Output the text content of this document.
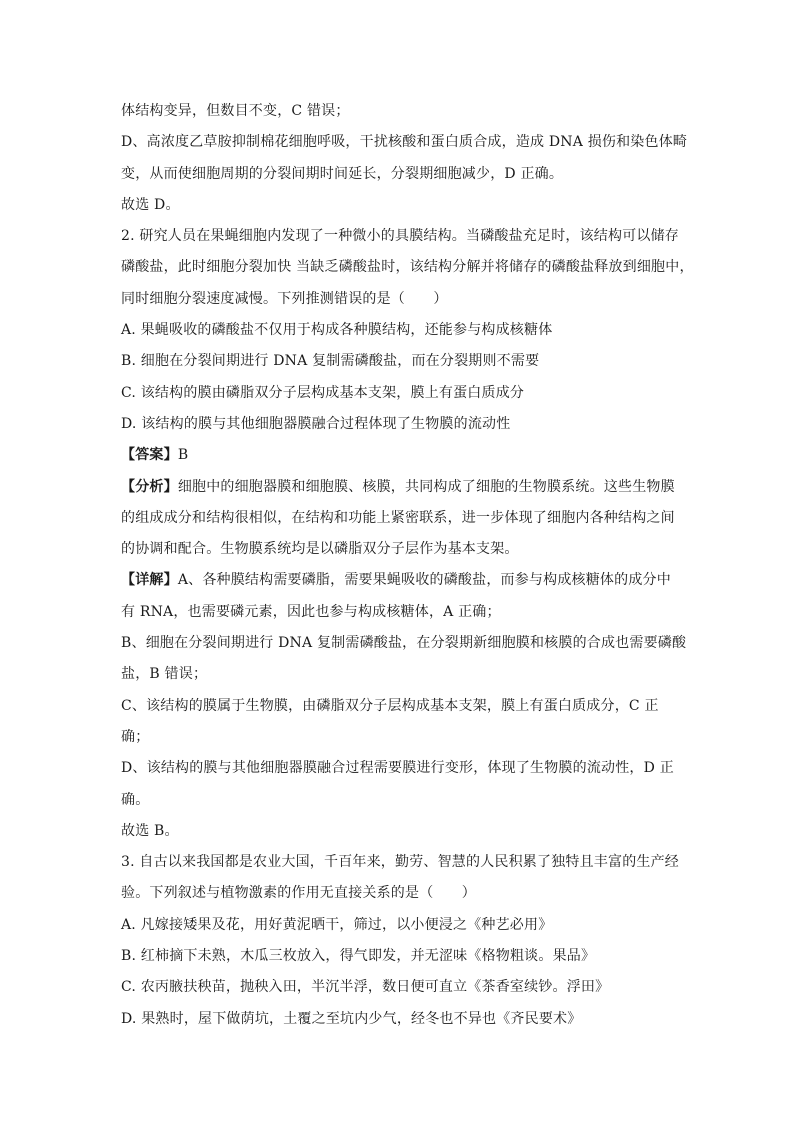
体结构变异，但数目不变，C 错误；
D、高浓度乙草胺抑制棉花细胞呼吸，干扰核酸和蛋白质合成，造成 DNA 损伤和染色体畸
变，从而使细胞周期的分裂间期时间延长，分裂期细胞减少，D 正确。
故选 D。
2. 研究人员在果蝇细胞内发现了一种微小的具膜结构。当磷酸盐充足时，该结构可以储存
磷酸盐，此时细胞分裂加快 当缺乏磷酸盐时，该结构分解并将储存的磷酸盐释放到细胞中，
同时细胞分裂速度减慢。下列推测错误的是（　　）
A. 果蝇吸收的磷酸盐不仅用于构成各种膜结构，还能参与构成核糖体
B. 细胞在分裂间期进行 DNA 复制需磷酸盐，而在分裂期则不需要
C. 该结构的膜由磷脂双分子层构成基本支架，膜上有蛋白质成分
D. 该结构的膜与其他细胞器膜融合过程体现了生物膜的流动性
【答案】B
【分析】细胞中的细胞器膜和细胞膜、核膜，共同构成了细胞的生物膜系统。这些生物膜
的组成成分和结构很相似，在结构和功能上紧密联系，进一步体现了细胞内各种结构之间
的协调和配合。生物膜系统均是以磷脂双分子层作为基本支架。
【详解】A、各种膜结构需要磷脂，需要果蝇吸收的磷酸盐，而参与构成核糖体的成分中
有 RNA，也需要磷元素，因此也参与构成核糖体，A 正确；
B、细胞在分裂间期进行 DNA 复制需磷酸盐，在分裂期新细胞膜和核膜的合成也需要磷酸
盐，B 错误；
C、该结构的膜属于生物膜，由磷脂双分子层构成基本支架，膜上有蛋白质成分，C 正
确；
D、该结构的膜与其他细胞器膜融合过程需要膜进行变形，体现了生物膜的流动性，D 正
确。
故选 B。
3. 自古以来我国都是农业大国，千百年来，勤劳、智慧的人民积累了独特且丰富的生产经
验。下列叙述与植物激素的作用无直接关系的是（　　）
A. 凡嫁接矮果及花，用好黄泥晒干，筛过，以小便浸之《种艺必用》
B. 红柿摘下未熟，木瓜三枚放入，得气即发，并无涩味《格物粗谈。果品》
C. 农丙腋扶秧苗，抛秧入田，半沉半浮，数日便可直立《茶香室续钞。浮田》
D. 果熟时，屋下做荫坑，土覆之至坑内少气，经冬也不异也《齐民要术》
